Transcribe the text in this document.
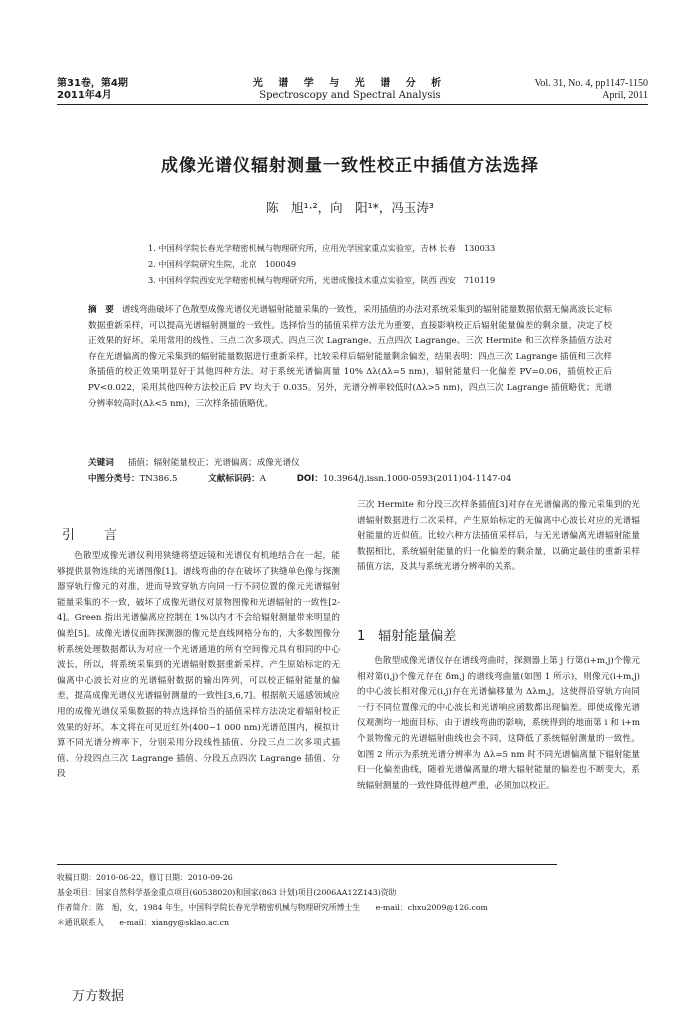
第31卷，第4期
2011年4月
光 谱 学 与 光 谱 分 析
Spectroscopy and Spectral Analysis
Vol. 31, No. 4, pp1147-1150
April, 2011
成像光谱仪辐射测量一致性校正中插值方法选择
陈　旭¹·²，向　阳¹*，冯玉涛³
1. 中国科学院长春光学精密机械与物理研究所，应用光学国家重点实验室，吉林 长春　130033
2. 中国科学院研究生院，北京　100049
3. 中国科学院西安光学精密机械与物理研究所，光谱成像技术重点实验室，陕西 西安　710119
摘　要 谱线弯曲破坏了色散型成像光谱仪光谱辐射能量采集的一致性，采用插值的办法对系统采集到的辐射能量数据依据无偏离波长定标数据重新采样，可以提高光谱辐射测量的一致性。选择恰当的插值采样方法尤为重要，直接影响校正后辐射能量偏差的剩余量，决定了校正效果的好坏。采用常用的线性、三点二次多项式、四点三次 Lagrange、五点四次 Lagrange、三次 Hermite 和三次样条插值方法对存在光谱偏离的像元采集到的辐射能量数据进行重新采样，比较采样后辐射能量剩余偏差，结果表明：四点三次 Lagrange 插值和三次样条插值的校正效果明显好于其他四种方法。对于系统光谱偏离量 10% Δλ(Δλ=5 nm)，辐射能量归一化偏差 PV=0.06，插值校正后 PV<0.022，采用其他四种方法校正后 PV 均大于 0.035。另外，光谱分辨率较低时(Δλ>5 nm)，四点三次 Lagrange 插值略优；光谱分辨率较高时(Δλ<5 nm)，三次样条插值略优。
关键词 插值；辐射能量校正；光谱偏离；成像光谱仪
中图分类号：TN386.5	文献标识码：A	DOI：10.3964/j.issn.1000-0593(2011)04-1147-04
引　言

色散型成像光谱仪利用狭缝将望远镜和光谱仪有机地结合在一起，能够提供景物连续的光谱图像[1]。谱线弯曲的存在破坏了狭缝单色像与探测器穿轨行像元的对准，进而导致穿轨方向同一行不同位置的像元光谱辐射能量采集的不一致，破坏了成像光谱仪对景物图像和光谱辐射的一致性[2-4]。Green 指出光谱偏离应控制在 1%以内才不会给辐射测量带来明显的偏差[5]。成像光谱仪面阵探测器的像元是直线网格分布的，大多数图像分析系统处理数据都认为对应一个光谱通道的所有空间像元具有相同的中心波长，所以，将系统采集到的光谱辐射数据重新采样，产生原始标定的无偏离中心波长对应的光谱辐射数据的输出阵列，可以校正辐射能量的偏差，提高成像光谱仪光谱辐射测量的一致性[3,6,7]。根据航天遥感领域应用的成像光谱仪采集数据的特点选择恰当的插值采样方法决定着辐射校正效果的好坏。本文将在可见近红外(400~1 000 nm)光谱范围内，模拟计算不同光谱分辨率下，分别采用分段线性插值、分段三点二次多项式插值、分段四点三次 Lagrange 插值、分段五点四次 Lagrange 插值、分段

三次 Hermite 和分段三次样条插值[3]对存在光谱偏离的像元采集到的光谱辐射数据进行二次采样，产生原始标定的无偏离中心波长对应的光谱辐射能量的近似值。比较六种方法插值采样后，与无光谱偏离光谱辐射能量数据相比，系统辐射能量的归一化偏差的剩余量，以确定最佳的重新采样插值方法，及其与系统光谱分辨率的关系。

1　辐射能量偏差

色散型成像光谱仪存在谱线弯曲时，探测器上第 j 行第(i+m,j)个像元相对第(i,j)个像元存在 δm,j 的谱线弯曲量(如图 1 所示)，则像元(i+m,j)的中心波长相对像元(i,j)存在光谱偏移量为 Δλm,j，这使得沿穿轨方向同一行不同位置像元的中心波长和光谱响应函数都出现偏差。即使成像光谱仪观测均一地面目标，由于谱线弯曲的影响，系统得到的地面第 i 和 i+m 个景物像元的光谱辐射曲线也会不同，这降低了系统辐射测量的一致性。如图 2 所示为系统光谱分辨率为 Δλ=5 nm 时不同光谱偏离量下辐射能量归一化偏差曲线，随着光谱偏离量的增大辐射能量的偏差也不断变大，系统辐射测量的一致性降低得越严重，必须加以校正。

收稿日期：2010-06-22，修订日期：2010-09-26
基金项目：国家自然科学基金重点项目(60538020)和国家(863 计划)项目(2006AA12Z143)资助
作者简介：陈　旭，女，1984 年生，中国科学院长春光学精密机械与物理研究所博士生　　e-mail：chxu2009@126.com
＊通讯联系人　　e-mail：xiangy@sklao.ac.cn
万方数据
